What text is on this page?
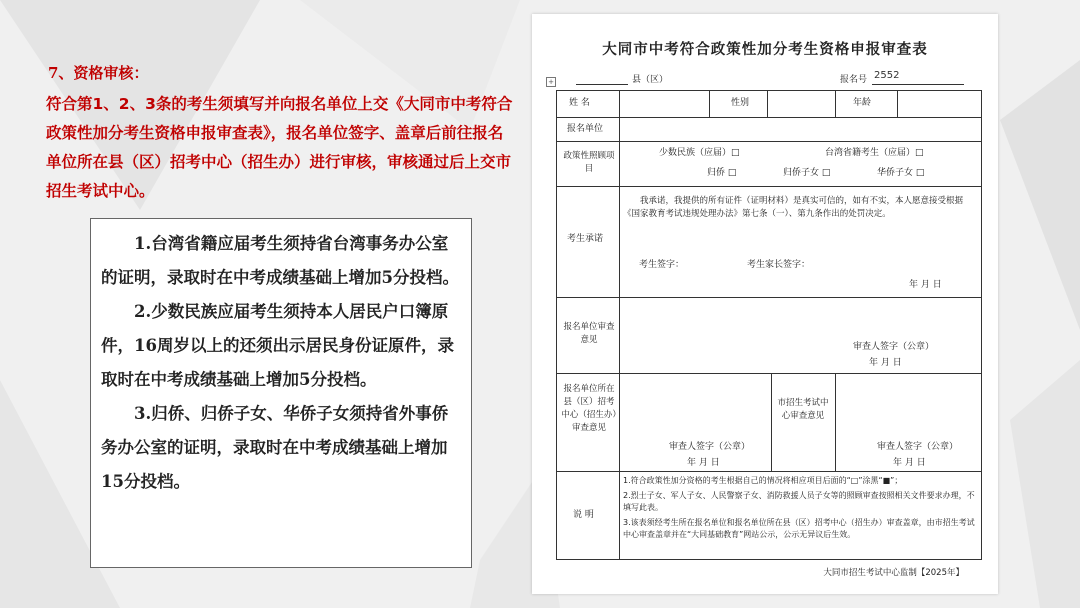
7、资格审核：
符合第1、2、3条的考生须填写并向报名单位上交《大同市中考符合政策性加分考生资格申报审查表》，报名单位签字、盖章后前往报名单位所在县（区）招考中心（招生办）进行审核，审核通过后上交市招生考试中心。

1.台湾省籍应届考生须持省台湾事务办公室的证明，录取时在中考成绩基础上增加5分投档。

2.少数民族应届考生须持本人居民户口簿原件，16周岁以上的还须出示居民身份证原件，录取时在中考成绩基础上增加5分投档。

3.归侨、归侨子女、华侨子女须持省外事侨务办公室的证明，录取时在中考成绩基础上增加15分投档。

大同市中考符合政策性加分考生资格申报审查表
+	县（区）	报名号 2552
姓 名	性别	年龄
报名单位
政策性照顾项目
少数民族（应届）□	台湾省籍考生（应届）□
归侨 □	归侨子女 □	华侨子女 □
考生承诺
我承诺，我提供的所有证件（证明材料）是真实可信的，如有不实，本人愿意接受根据《国家教育考试违规处理办法》第七条（一）、第九条作出的处罚决定。
考生签字：	考生家长签字：
年 月 日
报名单位审查意见
审查人签字（公章）
年 月 日
报名单位所在县（区）招考中心（招生办）审查意见
审查人签字（公章）
年 月 日
市招生考试中心审查意见
审查人签字（公章）
年 月 日
说 明
1.符合政策性加分资格的考生根据自己的情况将相应项目后面的“□”涂黑“■”；
2.烈士子女、军人子女、人民警察子女、消防救援人员子女等的照顾审查按照相关文件要求办理，不填写此表。
3.该表须经考生所在报名单位和报名单位所在县（区）招考中心（招生办）审查盖章，由市招生考试中心审查盖章并在“大同基础教育”网站公示，公示无异议后生效。
大同市招生考试中心监制【2025年】
